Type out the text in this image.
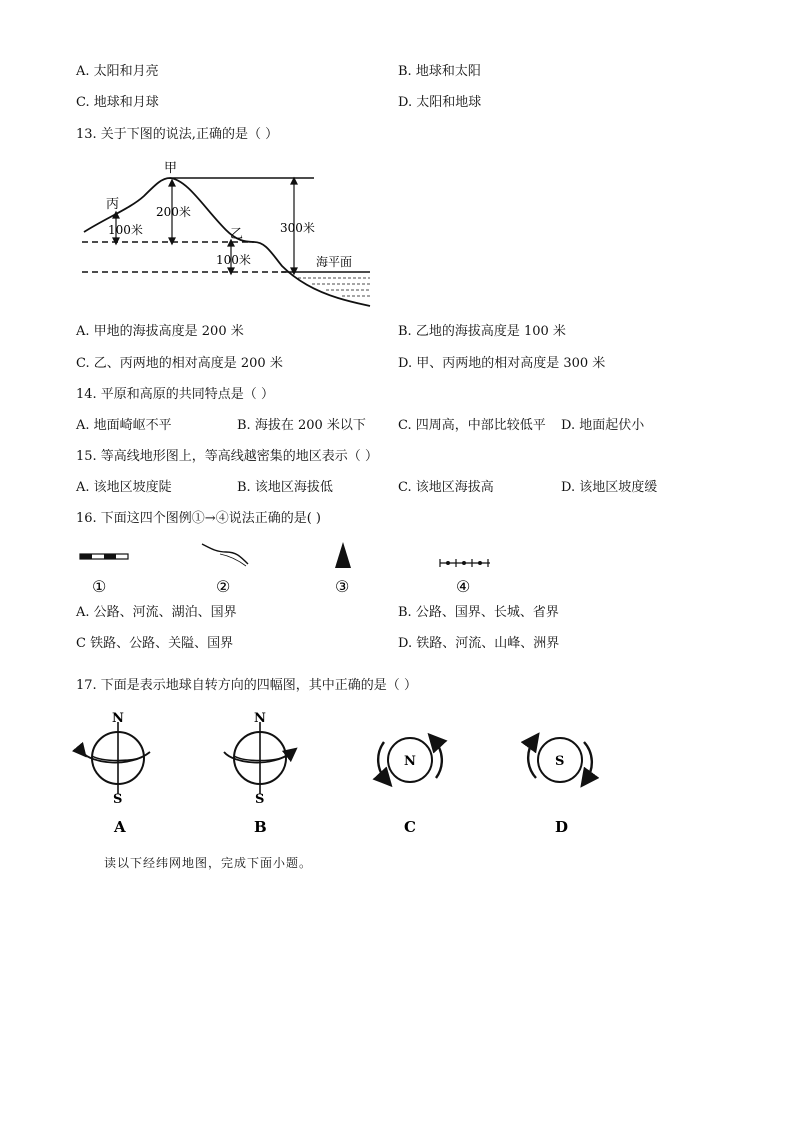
A. 太阳和月亮	B. 地球和太阳
C. 地球和月球	D. 太阳和地球
13. 关于下图的说法,正确的是（ ）
甲
丙
乙
200米
300米
100米
100米	海平面
A. 甲地的海拔高度是 200 米	B. 乙地的海拔高度是 100 米
C. 乙、丙两地的相对高度是 200 米	D. 甲、丙两地的相对高度是 300 米
14. 平原和高原的共同特点是（ ）
A. 地面崎岖不平	B. 海拔在 200 米以下 C. 四周高，中部比较低平 D. 地面起伏小
15. 等高线地形图上，等高线越密集的地区表示（ ）
A. 该地区坡度陡	B. 该地区海拔低	C. 该地区海拔高	D. 该地区坡度缓
16. 下面这四个图例①→④说法正确的是( )
①	②	③	④
A. 公路、河流、湖泊、国界	B. 公路、国界、长城、省界
C 铁路、公路、关隘、国界	D. 铁路、河流、山峰、洲界
17. 下面是表示地球自转方向的四幅图，其中正确的是（ ）
N
S
A
N
S
B
N
C
S
D
读以下经纬网地图，完成下面小题。
